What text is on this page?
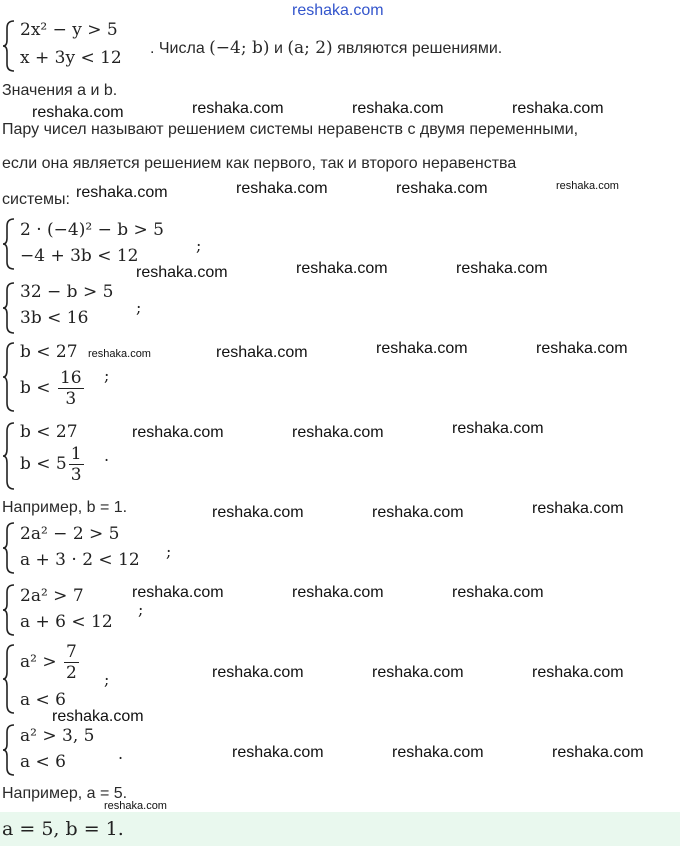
reshaka.com
2x² − y > 5
x + 3y < 12 . Числа (−4; b) и (a; 2) являются решениями.
Значения a и b.
Пару чисел называют решением системы неравенств с двумя переменными,
если она является решением как первого, так и второго неравенства
системы:
2 · (−4)² − b > 5
−4 + 3b < 12
;
32 − b > 5
3b < 16
;
b < 27
$b < \frac{16}{3}$ ;
b < 27
$b < 5 \frac{1}{3}$ .
Например, b = 1.
2a² − 2 > 5
a + 3 · 2 < 12 ;
2a² > 7
a + 6 < 12
;
$a^2 > \frac{7}{2}$
a < 6
;
a² > 3, 5
a < 6	.
Например, a = 5.
a = 5, b = 1.
reshaka.com	reshaka.com	reshaka.com	reshaka.com
reshaka.com	reshaka.com	reshaka.com	reshaka.com
reshaka.com	reshaka.com	reshaka.com
reshaka.com	reshaka.com	reshaka.com	reshaka.com
reshaka.com	reshaka.com	reshaka.com
reshaka.com	reshaka.com	reshaka.com
reshaka.com	reshaka.com	reshaka.com
reshaka.com	reshaka.com	reshaka.com
reshaka.com
reshaka.com	reshaka.com	reshaka.com
reshaka.com
